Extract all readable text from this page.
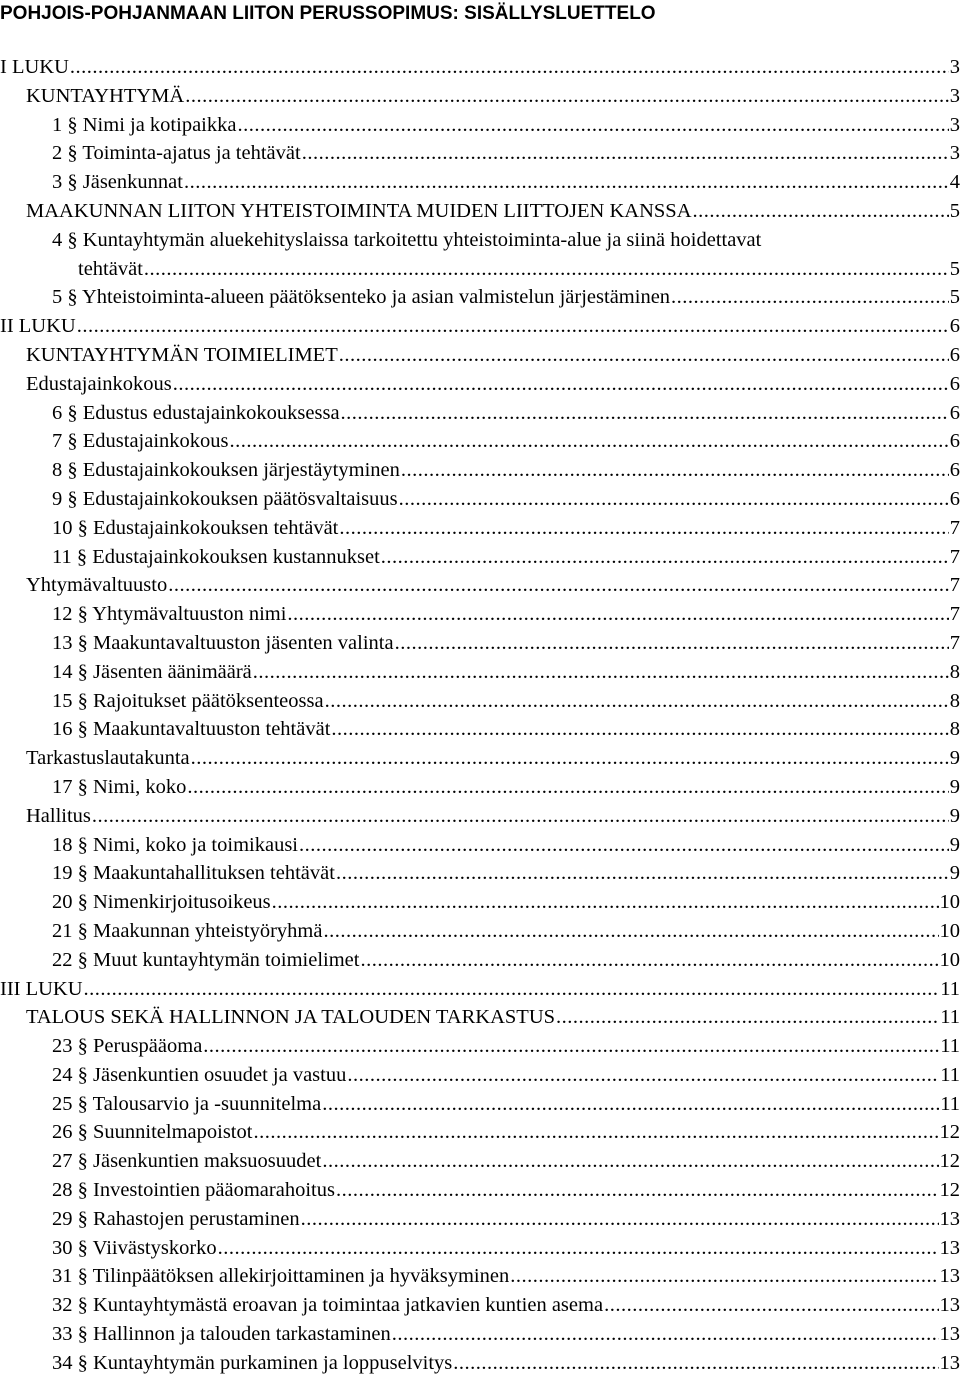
POHJOIS-POHJANMAAN LIITON PERUSSOPIMUS: SISÄLLYSLUETTELO
I LUKU .....	3
KUNTAYHTYMÄ .....	3
1 § Nimi ja kotipaikka .....	3
2 § Toiminta-ajatus ja tehtävät .....	3
3 § Jäsenkunnat .....	4
MAAKUNNAN LIITON YHTEISTOIMINTA MUIDEN LIITTOJEN KANSSA .....	5
4 § Kuntayhtymän aluekehityslaissa tarkoitettu yhteistoiminta-alue ja siinä hoidettavat
tehtävät .....	5
5 § Yhteistoiminta-alueen päätöksenteko ja asian valmistelun järjestäminen .....	5
II LUKU .....	6
KUNTAYHTYMÄN TOIMIELIMET .....	6
Edustajainkokous .....	6
6 § Edustus edustajainkokouksessa .....	6
7 § Edustajainkokous .....	6
8 § Edustajainkokouksen järjestäytyminen .....	6
9 § Edustajainkokouksen päätösvaltaisuus .....	6
10 § Edustajainkokouksen tehtävät .....	7
11 § Edustajainkokouksen kustannukset .....	7
Yhtymävaltuusto .....	7
12 § Yhtymävaltuuston nimi .....	7
13 § Maakuntavaltuuston jäsenten valinta .....	7
14 § Jäsenten äänimäärä .....	8
15 § Rajoitukset päätöksenteossa .....	8
16 § Maakuntavaltuuston tehtävät .....	8
Tarkastuslautakunta .....	9
17 § Nimi, koko .....	9
Hallitus .....	9
18 § Nimi, koko ja toimikausi .....	9
19 § Maakuntahallituksen tehtävät .....	9
20 § Nimenkirjoitusoikeus .....	10
21 § Maakunnan yhteistyöryhmä .....	10
22 § Muut kuntayhtymän toimielimet .....	10
III LUKU .....	11
TALOUS SEKÄ HALLINNON JA TALOUDEN TARKASTUS .....	11
23 § Peruspääoma .....	11
24 § Jäsenkuntien osuudet ja vastuu .....	11
25 § Talousarvio ja -suunnitelma .....	11
26 § Suunnitelmapoistot .....	12
27 § Jäsenkuntien maksuosuudet .....	12
28 § Investointien pääomarahoitus .....	12
29 § Rahastojen perustaminen .....	13
30 § Viivästyskorko .....	13
31 § Tilinpäätöksen allekirjoittaminen ja hyväksyminen .....	13
32 § Kuntayhtymästä eroavan ja toimintaa jatkavien kuntien asema .....	13
33 § Hallinnon ja talouden tarkastaminen .....	13
34 § Kuntayhtymän purkaminen ja loppuselvitys .....	13
